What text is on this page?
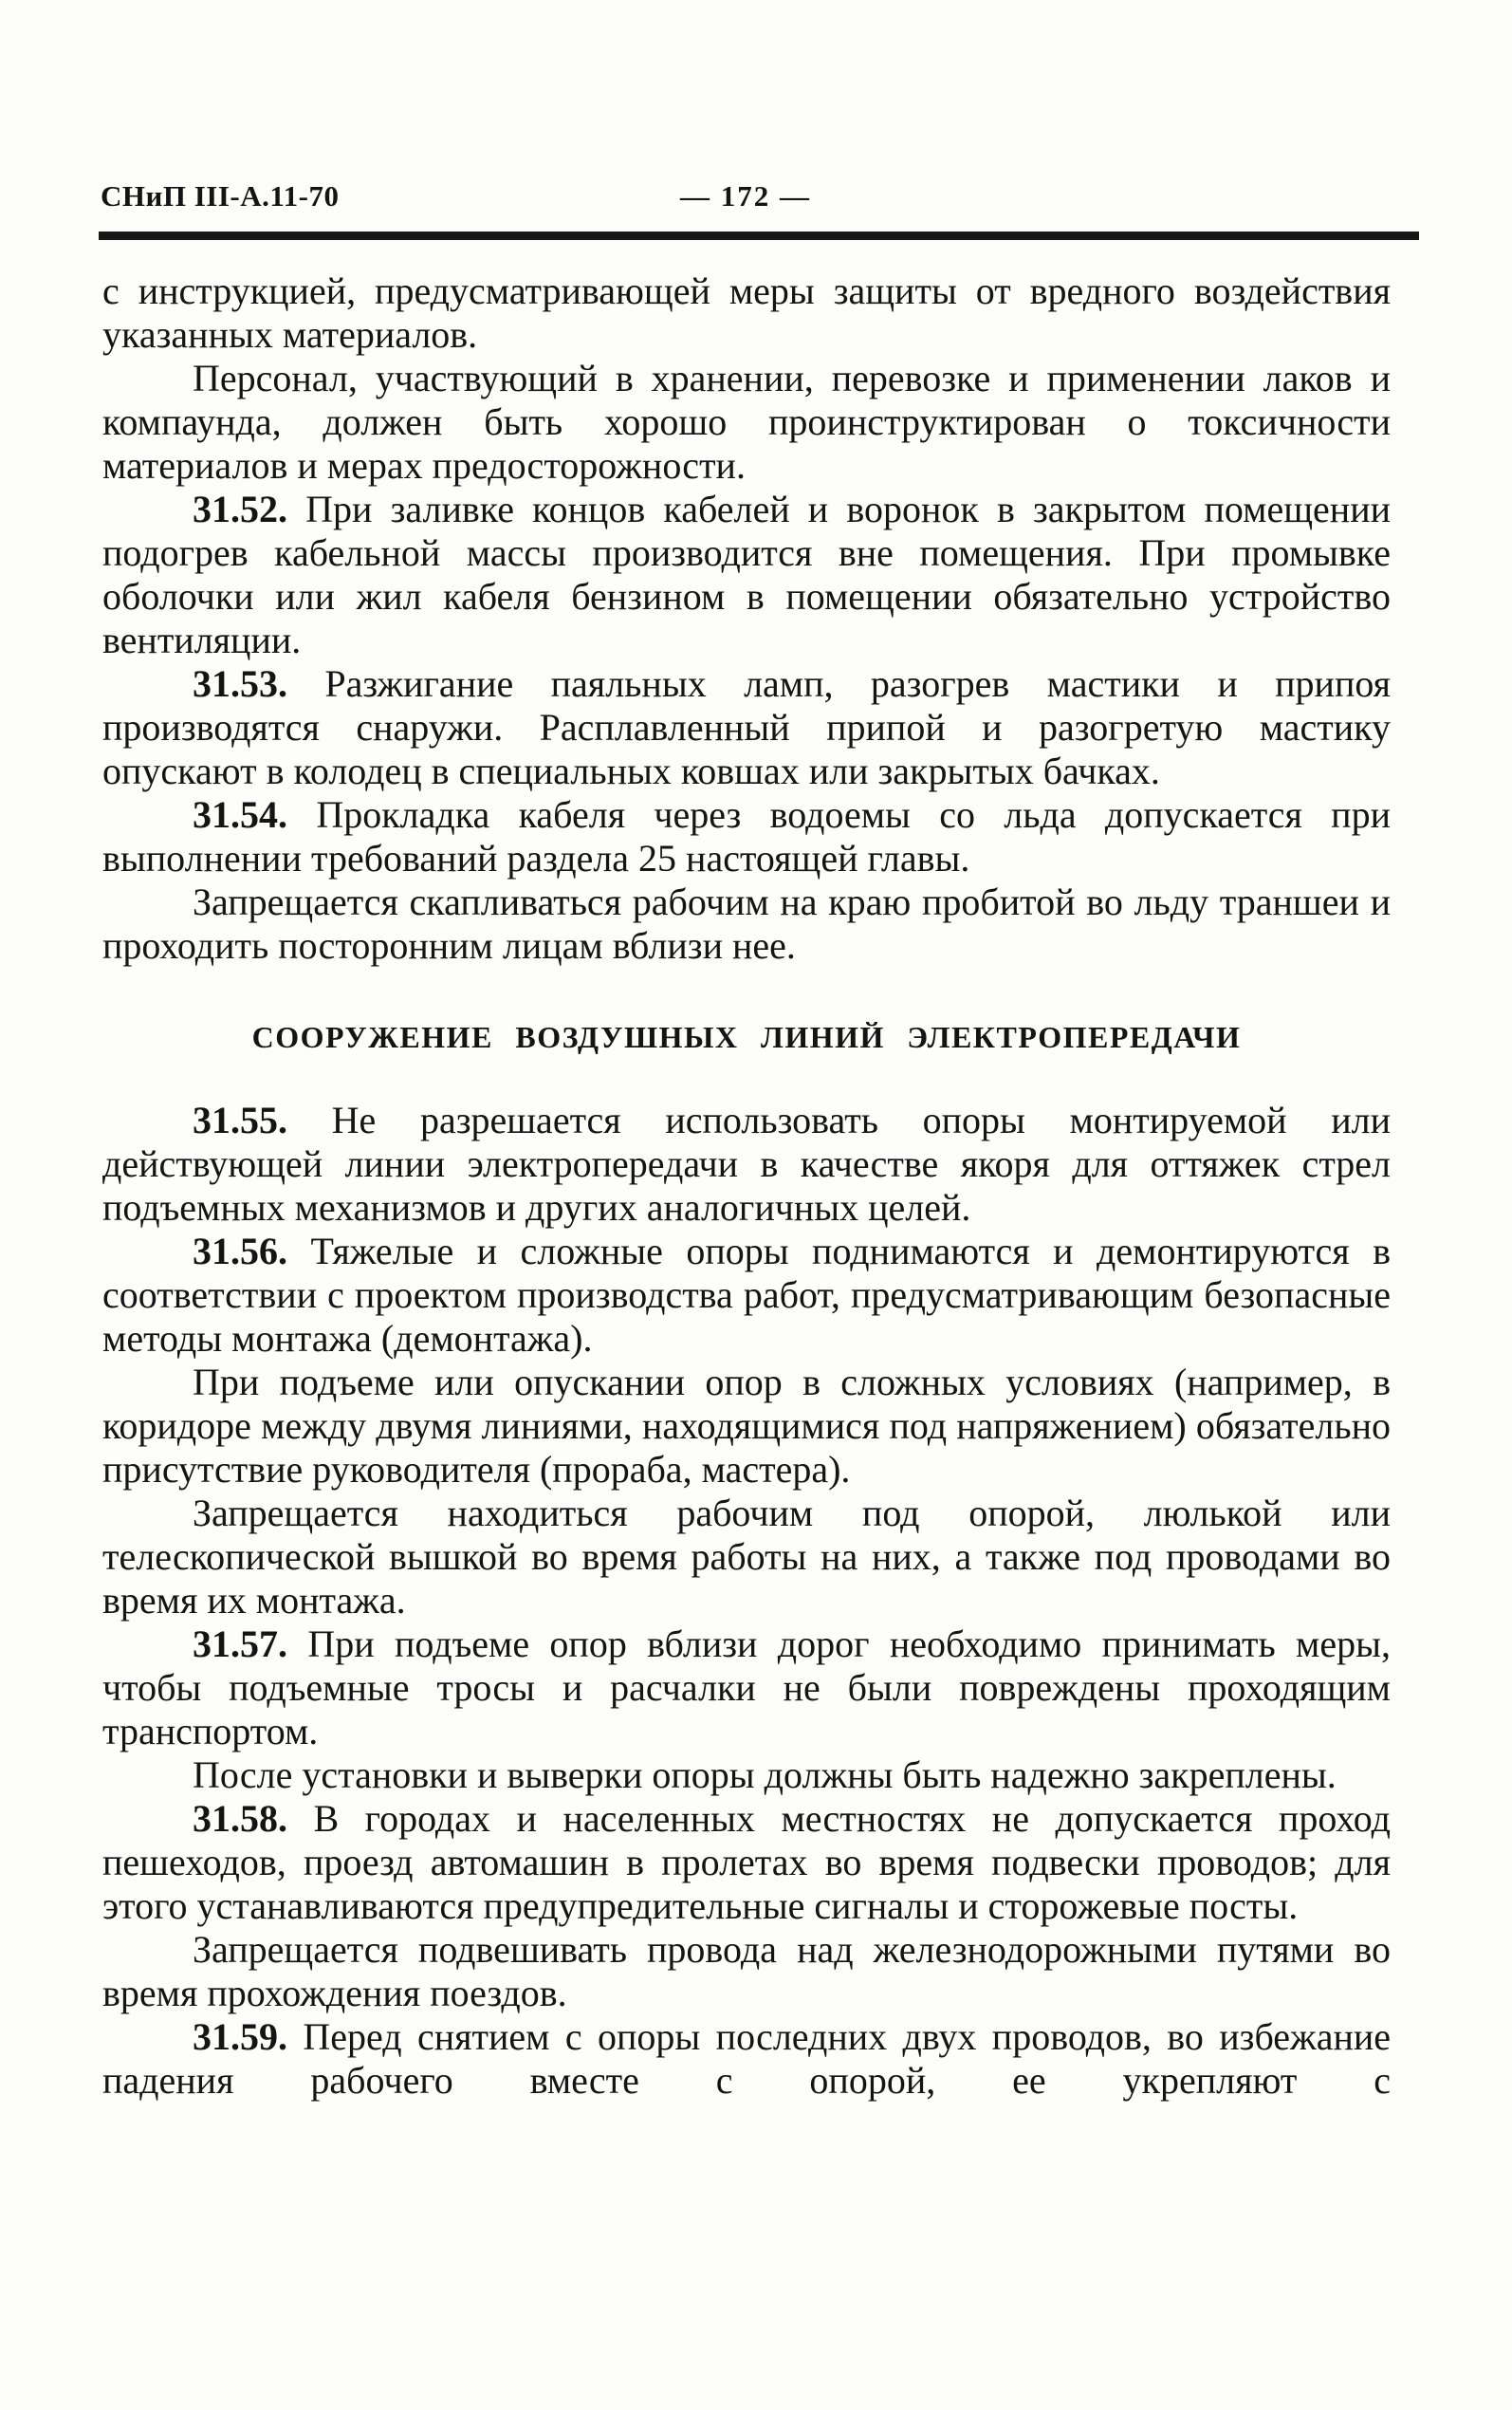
СНиП III-А.11-70	— 172 —

с инструкцией, предусматривающей меры защиты от вредного воздействия указанных материалов.

Персонал, участвующий в хранении, перевозке и применении лаков и компаунда, должен быть хорошо проинструктирован о токсичности материалов и мерах предосторожности.

31.52. При заливке концов кабелей и воронок в закрытом помещении подогрев кабельной массы производится вне помещения. При промывке оболочки или жил кабеля бензином в помещении обязательно устройство вентиляции.

31.53. Разжигание паяльных ламп, разогрев мастики и припоя производятся снаружи. Расплавленный припой и разогретую мастику опускают в колодец в специальных ковшах или закрытых бачках.

31.54. Прокладка кабеля через водоемы со льда допускается при выполнении требований раздела 25 настоящей главы.

Запрещается скапливаться рабочим на краю пробитой во льду траншеи и проходить посторонним лицам вблизи нее.

СООРУЖЕНИЕ ВОЗДУШНЫХ ЛИНИЙ ЭЛЕКТРОПЕРЕДАЧИ

31.55. Не разрешается использовать опоры монтируемой или действующей линии электропередачи в качестве якоря для оттяжек стрел подъемных механизмов и других аналогичных целей.

31.56. Тяжелые и сложные опоры поднимаются и демонтируются в соответствии с проектом производства работ, предусматривающим безопасные методы монтажа (демонтажа).

При подъеме или опускании опор в сложных условиях (например, в коридоре между двумя линиями, находящимися под напряжением) обязательно присутствие руководителя (прораба, мастера).

Запрещается находиться рабочим под опорой, люлькой или телескопической вышкой во время работы на них, а также под проводами во время их монтажа.

31.57. При подъеме опор вблизи дорог необходимо принимать меры, чтобы подъемные тросы и расчалки не были повреждены проходящим транспортом.

После установки и выверки опоры должны быть надежно закреплены.

31.58. В городах и населенных местностях не допускается проход пешеходов, проезд автомашин в пролетах во время подвески проводов; для этого устанавливаются предупредительные сигналы и сторожевые посты.

Запрещается подвешивать провода над железнодорожными путями во время прохождения поездов.

31.59. Перед снятием с опоры последних двух проводов, во избежание падения рабочего вместе с опорой, ее укрепляют с
